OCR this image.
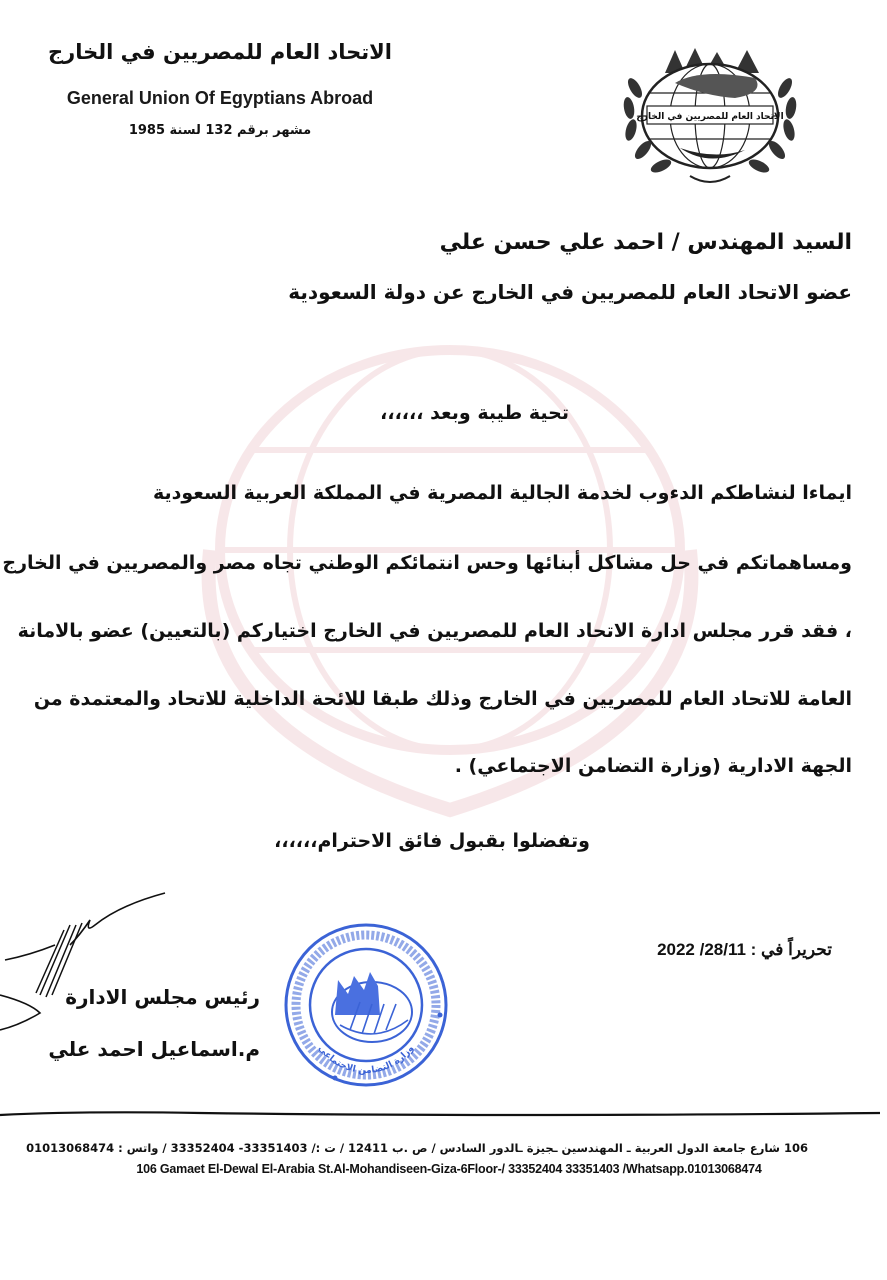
الاتحاد العام للمصريين في الخارج
General Union Of Egyptians Abroad
مشهر برقم 132 لسنة 1985
الاتحاد العام للمصريين في الخارج
السيد المهندس / احمد علي حسن علي
عضو الاتحاد العام للمصريين في الخارج عن دولة السعودية
تحية طيبة وبعد ،،،،،،
ايماءا لنشاطكم الدءوب لخدمة الجالية المصرية في المملكة العربية السعودية
ومساهماتكم في حل مشاكل أبنائها وحس انتمائكم الوطني تجاه مصر والمصريين في الخارج
، فقد قرر مجلس ادارة الاتحاد العام للمصريين في الخارج اختياركم (بالتعيين) عضو بالامانة
العامة للاتحاد العام للمصريين في الخارج وذلك طبقا للائحة الداخلية للاتحاد والمعتمدة من
الجهة الادارية (وزارة التضامن الاجتماعي) .
وتفضلوا بقبول فائق الاحترام،،،،،،
تحريراً في : 28/11/ 2022
رئيس مجلس الادارة
م.اسماعيل احمد علي	وزارة التضامن الاجتماعي
106 شارع جامعة الدول العربية ـ المهندسين ـجيزة ـالدور السادس / ص .ب 12411 / ت :/ 33351403- 33352404 / واتس : 01013068474
106 Gamaet El-Dewal El-Arabia St.Al-Mohandiseen-Giza-6Floor-/ 33352404 33351403 /Whatsapp.01013068474
